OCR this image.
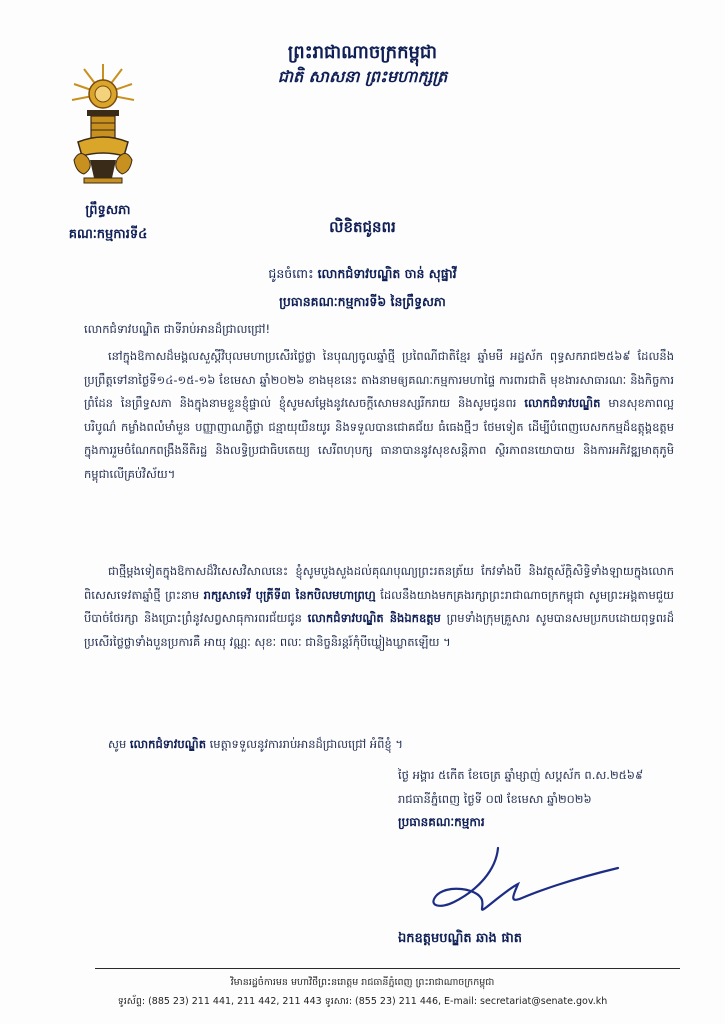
ព្រះរាជាណាចក្រកម្ពុជា
ជាតិ សាសនា ព្រះមហាក្សត្រ
ព្រឹទ្ធសភា
គណៈកម្មការទី៤	លិខិតជូនពរ
ជូនចំពោះ លោកជំទាវបណ្ឌិត ចាន់ សុផ្នាវី
ប្រធានគណៈកម្មការទី៦ នៃព្រឹទ្ធសភា

លោកជំទាវបណ្ឌិត ជាទីរាប់អានដ៏ជ្រាលជ្រៅ!

នៅក្នុងឱកាសដ៏មង្គលសួស្តីវិបុលមហាប្រសើរថ្លៃថ្លា នៃបុណ្យចូលឆ្នាំថ្មី ប្រពៃណីជាតិខ្មែរ ឆ្នាំមមី អដ្ឋស័ក ពុទ្ធសករាជ២៥៦៩ ដែលនឹងប្រព្រឹត្តទៅនាថ្ងៃទី១៤-១៥-១៦ ខែមេសា ឆ្នាំ២០២៦ ខាងមុខនេះ តាងនាមឲ្យគណៈកម្មការមហាផ្ទៃ ការពារជាតិ មុខងារសាធារណៈ និងកិច្ចការព្រំដែន នៃព្រឹទ្ធសភា និងក្នុងនាមខ្លួនខ្ញុំផ្ទាល់ ខ្ញុំសូមសម្ដែងនូវសេចក្ដីសោមនស្សរីករាយ និងសូមជូនពរ លោកជំទាវបណ្ឌិត មានសុខភាពល្អបរិបូណ៌ កម្លាំងពលំមាំមួន បញ្ញាញាណភ្លឺថ្លា ជន្មាយុយឺនយូរ និងទទួលបានជោគជ័យ ធំធេងថ្មីៗ ថែមទៀត ដើម្បីបំពេញបេសកកម្មដ៏ឧត្ដុង្គឧត្ដមក្នុងការរួមចំណែកពង្រឹងនីតិរដ្ឋ និងលទ្ធិប្រជាធិបតេយ្យ សេរីពហុបក្ស ធានាបាននូវសុខសន្តិភាព ស្ថិរភាពនយោបាយ និងការអភិវឌ្ឍមាតុភូមិកម្ពុជាលើគ្រប់វិស័យ។

ជាថ្មីម្ដងទៀតក្នុងឱកាសដ៏វិសេសវិសាលនេះ ខ្ញុំសូមបួងសួងដល់គុណបុណ្យព្រះរតនត្រ័យ កែវទាំងបី និងវត្ថុស័ក្ដិសិទ្ធិទាំងឡាយក្នុងលោក ពិសេសទេវតាឆ្នាំថ្មី ព្រះនាម រាក្សសាទេវី បុត្រីទី៣ នៃកបិលមហាព្រហ្ម ដែលនឹងយាងមកគ្រងរក្សាព្រះរាជាណាចក្រកម្ពុជា សូមព្រះអង្គតាមជួយបីបាច់ថែរក្សា និងប្រោះព្រំនូវសព្វសាធុការពរជ័យជូន លោកជំទាវបណ្ឌិត និងឯកឧត្ដម ព្រមទាំងក្រុមគ្រួសារ សូមបានសមប្រកបដោយពុទ្ធពរដ៏ប្រសើរថ្លៃថ្លាទាំងបួនប្រការគឺ អាយុ វណ្ណៈ សុខៈ ពលៈ ជានិច្ចនិរន្តរ៍កុំបីឃ្លៀងឃ្លាតឡើយ ។

សូម លោកជំទាវបណ្ឌិត មេត្តាទទួលនូវការរាប់អានដ៏ជ្រាលជ្រៅ អំពីខ្ញុំ ។

ថ្ងៃ អង្គារ ៥កើត ខែចេត្រ ឆ្នាំម្សាញ់ សប្តស័ក ព.ស.២៥៦៩
រាជធានីភ្នំពេញ ថ្ងៃទី ០៧ ខែមេសា ឆ្នាំ២០២៦
ប្រធានគណៈកម្មការ
ឯកឧត្ដមបណ្ឌិត ឆាង ផាត
វិមានរដ្ឋចំការមន មហាវិថីព្រះនរោត្តម រាជធានីភ្នំពេញ ព្រះរាជាណាចក្រកម្ពុជា
ទូរស័ព្ទ: (885 23) 211 441, 211 442, 211 443 ទូរសារ: (855 23) 211 446, E-mail: secretariat@senate.gov.kh
